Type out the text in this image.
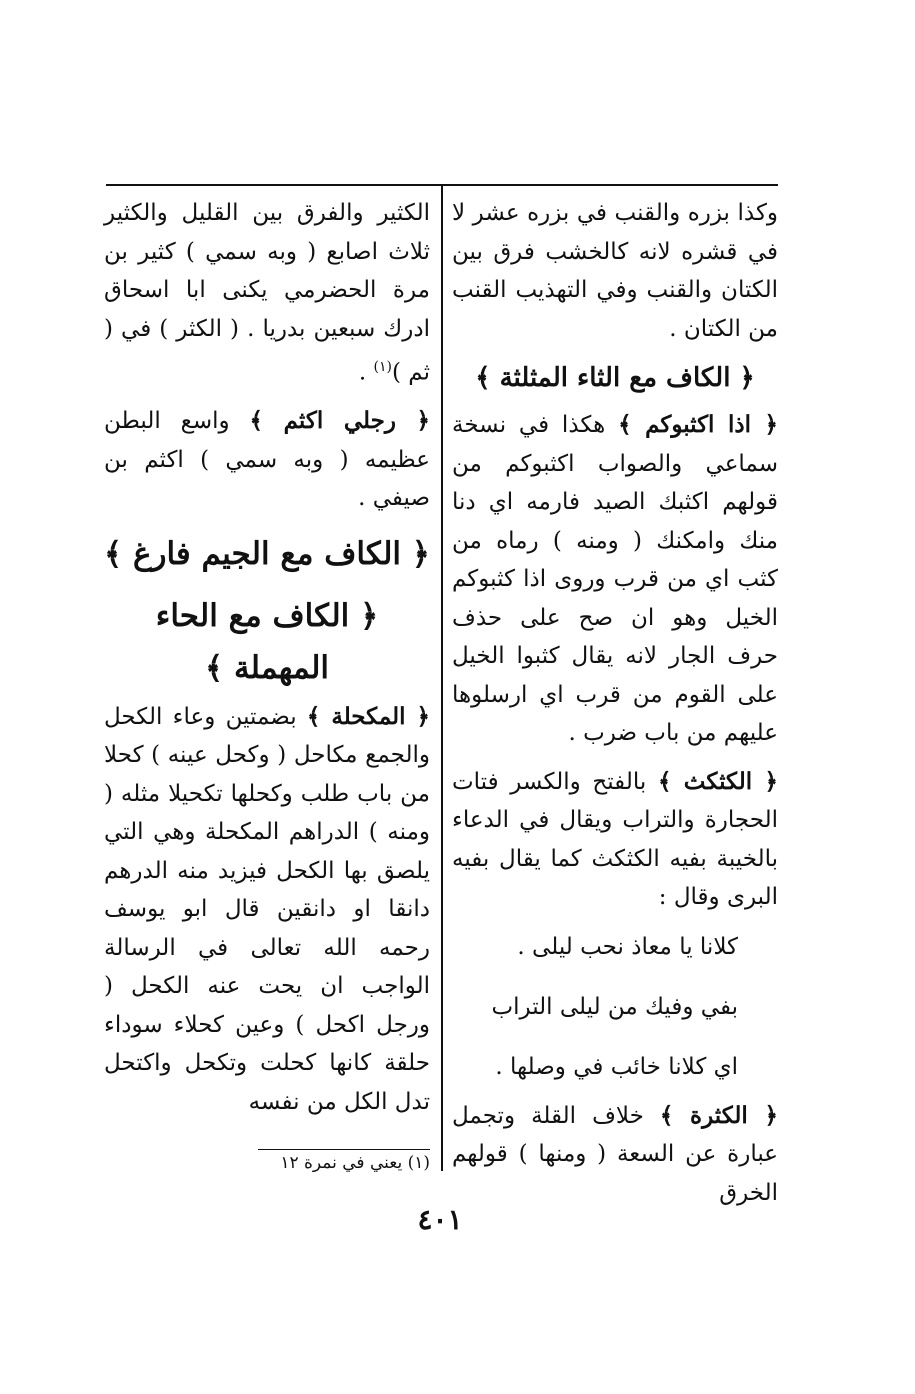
وكذا بزره والقنب في بزره عشر لا في قشره لانه كالخشب فرق بين الكتان والقنب وفي التهذيب القنب من الكتان .

﴿ الكاف مع الثاء المثلثة ﴾

﴿ اذا اكثبوكم ﴾ هكذا في نسخة سماعي والصواب اكثبوكم من قولهم اكثبك الصيد فارمه اي دنا منك وامكنك ( ومنه ) رماه من كثب اي من قرب وروى اذا كثبوكم الخيل وهو ان صح على حذف حرف الجار لانه يقال كثبوا الخيل على القوم من قرب اي ارسلوها عليهم من باب ضرب .

﴿ الكثكث ﴾ بالفتح والكسر فتات الحجارة والتراب ويقال في الدعاء بالخيبة بفيه الكثكث كما يقال بفيه البرى وقال :

كلانا يا معاذ نحب ليلى .
بفي وفيك من ليلى التراب
اي كلانا خائب في وصلها .

﴿ الكثرة ﴾ خلاف القلة وتجمل عبارة عن السعة ( ومنها ) قولهم الخرق

الكثير والفرق بين القليل والكثير ثلاث اصابع ( وبه سمي ) كثير بن مرة الحضرمي يكنى ابا اسحاق ادرك سبعين بدريا . ( الكثر ) في ( ثم )$^{(١)}$ .

﴿ رجلي اكثم ﴾ واسع البطن عظيمه ( وبه سمي ) اكثم بن صيفي .

﴿ الكاف مع الجيم فارغ ﴾
﴿ الكاف مع الحاء المهملة ﴾

﴿ المكحلة ﴾ بضمتين وعاء الكحل والجمع مكاحل ( وكحل عينه ) كحلا من باب طلب وكحلها تكحيلا مثله ( ومنه ) الدراهم المكحلة وهي التي يلصق بها الكحل فيزيد منه الدرهم دانقا او دانقين قال ابو يوسف رحمه الله تعالى في الرسالة الواجب ان يحت عنه الكحل ( ورجل اكحل ) وعين كحلاء سوداء حلقة كانها كحلت وتكحل واكتحل تدل الكل من نفسه

(١) يعني في نمرة ١٢
٤٠١
